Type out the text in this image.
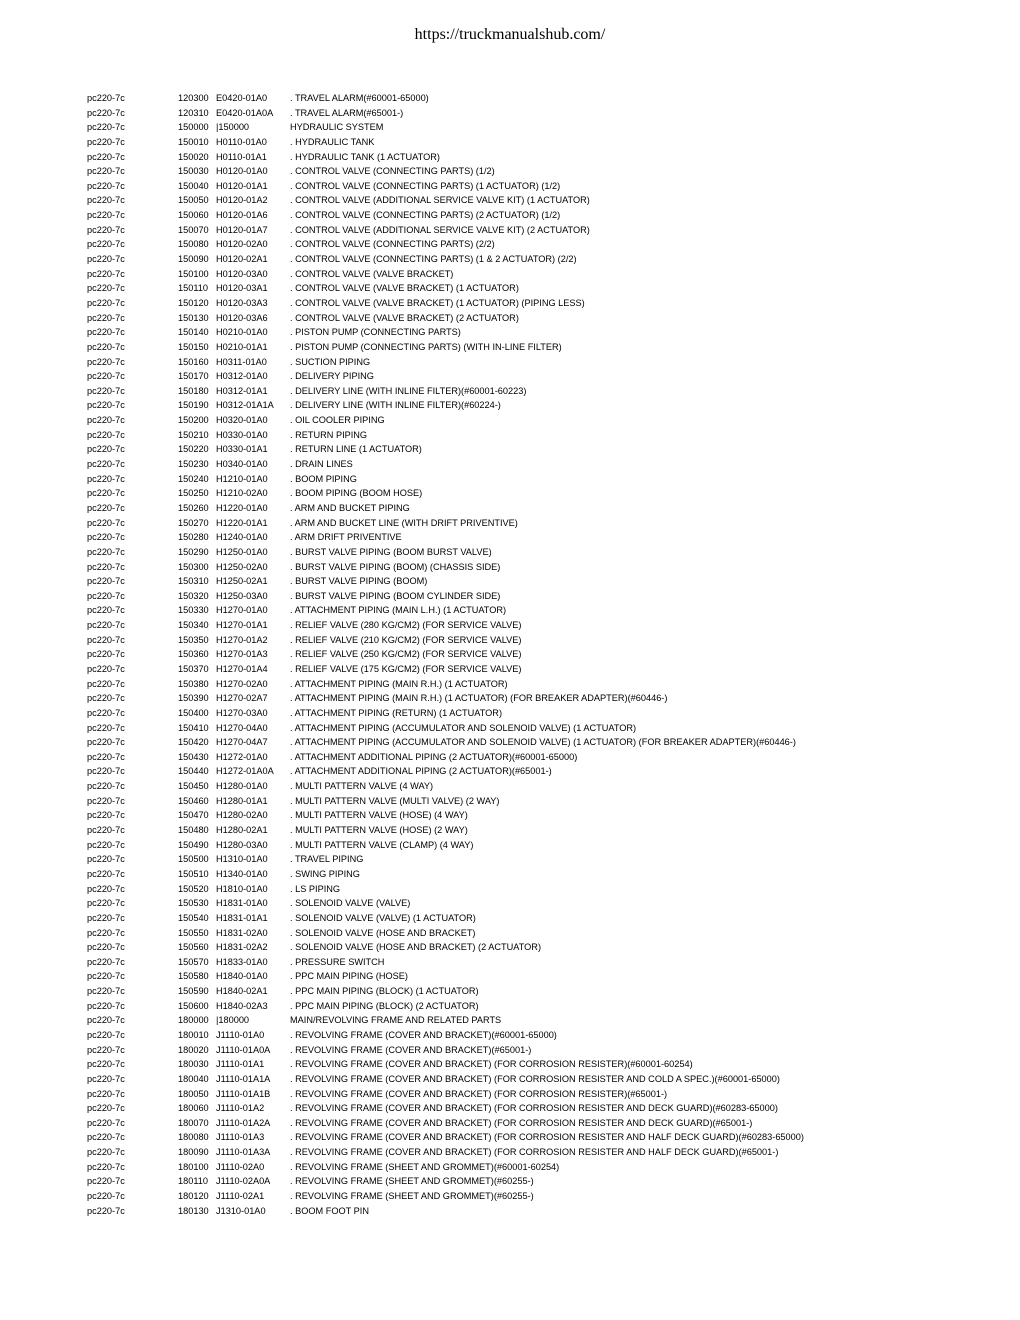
https://truckmanualshub.com/
pc220-7c	120300 E0420-01A0 . TRAVEL ALARM(#60001-65000)
pc220-7c	120310 E0420-01A0A . TRAVEL ALARM(#65001-)
pc220-7c	150000 |150000	HYDRAULIC SYSTEM
pc220-7c	150010 H0110-01A0	. HYDRAULIC TANK
pc220-7c	150020 H0110-01A1	. HYDRAULIC TANK (1 ACTUATOR)
pc220-7c	150030 H0120-01A0 . CONTROL VALVE (CONNECTING PARTS) (1/2)
pc220-7c	150040 H0120-01A1 . CONTROL VALVE (CONNECTING PARTS) (1 ACTUATOR) (1/2)
pc220-7c	150050 H0120-01A2 . CONTROL VALVE (ADDITIONAL SERVICE VALVE KIT) (1 ACTUATOR)
pc220-7c	150060 H0120-01A6 . CONTROL VALVE (CONNECTING PARTS) (2 ACTUATOR) (1/2)
pc220-7c	150070 H0120-01A7 . CONTROL VALVE (ADDITIONAL SERVICE VALVE KIT) (2 ACTUATOR)
pc220-7c	150080 H0120-02A0 . CONTROL VALVE (CONNECTING PARTS) (2/2)
pc220-7c	150090 H0120-02A1 . CONTROL VALVE (CONNECTING PARTS) (1 & 2 ACTUATOR) (2/2)
pc220-7c	150100 H0120-03A0 . CONTROL VALVE (VALVE BRACKET)
pc220-7c	150110 H0120-03A1 . CONTROL VALVE (VALVE BRACKET) (1 ACTUATOR)
pc220-7c	150120 H0120-03A3 . CONTROL VALVE (VALVE BRACKET) (1 ACTUATOR) (PIPING LESS)
pc220-7c	150130 H0120-03A6 . CONTROL VALVE (VALVE BRACKET) (2 ACTUATOR)
pc220-7c	150140 H0210-01A0 . PISTON PUMP (CONNECTING PARTS)
pc220-7c	150150 H0210-01A1 . PISTON PUMP (CONNECTING PARTS) (WITH IN-LINE FILTER)
pc220-7c	150160 H0311-01A0	. SUCTION PIPING
pc220-7c	150170 H0312-01A0 . DELIVERY PIPING
pc220-7c	150180 H0312-01A1 . DELIVERY LINE (WITH INLINE FILTER)(#60001-60223)
pc220-7c	150190 H0312-01A1A . DELIVERY LINE (WITH INLINE FILTER)(#60224-)
pc220-7c	150200 H0320-01A0 . OIL COOLER PIPING
pc220-7c	150210 H0330-01A0 . RETURN PIPING
pc220-7c	150220 H0330-01A1 . RETURN LINE (1 ACTUATOR)
pc220-7c	150230 H0340-01A0 . DRAIN LINES
pc220-7c	150240 H1210-01A0 . BOOM PIPING
pc220-7c	150250 H1210-02A0 . BOOM PIPING (BOOM HOSE)
pc220-7c	150260 H1220-01A0 . ARM AND BUCKET PIPING
pc220-7c	150270 H1220-01A1 . ARM AND BUCKET LINE (WITH DRIFT PRIVENTIVE)
pc220-7c	150280 H1240-01A0 . ARM DRIFT PRIVENTIVE
pc220-7c	150290 H1250-01A0 . BURST VALVE PIPING (BOOM BURST VALVE)
pc220-7c	150300 H1250-02A0 . BURST VALVE PIPING (BOOM) (CHASSIS SIDE)
pc220-7c	150310 H1250-02A1 . BURST VALVE PIPING (BOOM)
pc220-7c	150320 H1250-03A0 . BURST VALVE PIPING (BOOM CYLINDER SIDE)
pc220-7c	150330 H1270-01A0 . ATTACHMENT PIPING (MAIN L.H.) (1 ACTUATOR)
pc220-7c	150340 H1270-01A1 . RELIEF VALVE (280 KG/CM2) (FOR SERVICE VALVE)
pc220-7c	150350 H1270-01A2 . RELIEF VALVE (210 KG/CM2) (FOR SERVICE VALVE)
pc220-7c	150360 H1270-01A3 . RELIEF VALVE (250 KG/CM2) (FOR SERVICE VALVE)
pc220-7c	150370 H1270-01A4 . RELIEF VALVE (175 KG/CM2) (FOR SERVICE VALVE)
pc220-7c	150380 H1270-02A0 . ATTACHMENT PIPING (MAIN R.H.) (1 ACTUATOR)
pc220-7c	150390 H1270-02A7 . ATTACHMENT PIPING (MAIN R.H.) (1 ACTUATOR) (FOR BREAKER ADAPTER)(#60446-)
pc220-7c	150400 H1270-03A0 . ATTACHMENT PIPING (RETURN) (1 ACTUATOR)
pc220-7c	150410 H1270-04A0 . ATTACHMENT PIPING (ACCUMULATOR AND SOLENOID VALVE) (1 ACTUATOR)
pc220-7c	150420 H1270-04A7 . ATTACHMENT PIPING (ACCUMULATOR AND SOLENOID VALVE) (1 ACTUATOR) (FOR BREAKER ADAPTER)(#60446-)
pc220-7c	150430 H1272-01A0 . ATTACHMENT ADDITIONAL PIPING (2 ACTUATOR)(#60001-65000)
pc220-7c	150440 H1272-01A0A . ATTACHMENT ADDITIONAL PIPING (2 ACTUATOR)(#65001-)
pc220-7c	150450 H1280-01A0 . MULTI PATTERN VALVE (4 WAY)
pc220-7c	150460 H1280-01A1 . MULTI PATTERN VALVE (MULTI VALVE) (2 WAY)
pc220-7c	150470 H1280-02A0 . MULTI PATTERN VALVE (HOSE) (4 WAY)
pc220-7c	150480 H1280-02A1 . MULTI PATTERN VALVE (HOSE) (2 WAY)
pc220-7c	150490 H1280-03A0 . MULTI PATTERN VALVE (CLAMP) (4 WAY)
pc220-7c	150500 H1310-01A0 . TRAVEL PIPING
pc220-7c	150510 H1340-01A0 . SWING PIPING
pc220-7c	150520 H1810-01A0 . LS PIPING
pc220-7c	150530 H1831-01A0 . SOLENOID VALVE (VALVE)
pc220-7c	150540 H1831-01A1 . SOLENOID VALVE (VALVE) (1 ACTUATOR)
pc220-7c	150550 H1831-02A0 . SOLENOID VALVE (HOSE AND BRACKET)
pc220-7c	150560 H1831-02A2 . SOLENOID VALVE (HOSE AND BRACKET) (2 ACTUATOR)
pc220-7c	150570 H1833-01A0 . PRESSURE SWITCH
pc220-7c	150580 H1840-01A0 . PPC MAIN PIPING (HOSE)
pc220-7c	150590 H1840-02A1 . PPC MAIN PIPING (BLOCK) (1 ACTUATOR)
pc220-7c	150600 H1840-02A3 . PPC MAIN PIPING (BLOCK) (2 ACTUATOR)
pc220-7c	180000 |180000	MAIN/REVOLVING FRAME AND RELATED PARTS
pc220-7c	180010 J1110-01A0	. REVOLVING FRAME (COVER AND BRACKET)(#60001-65000)
pc220-7c	180020 J1110-01A0A . REVOLVING FRAME (COVER AND BRACKET)(#65001-)
pc220-7c	180030 J1110-01A1	. REVOLVING FRAME (COVER AND BRACKET) (FOR CORROSION RESISTER)(#60001-60254)
pc220-7c	180040 J1110-01A1A . REVOLVING FRAME (COVER AND BRACKET) (FOR CORROSION RESISTER AND COLD A SPEC.)(#60001-65000)
pc220-7c	180050 J1110-01A1B . REVOLVING FRAME (COVER AND BRACKET) (FOR CORROSION RESISTER)(#65001-)
pc220-7c	180060 J1110-01A2	. REVOLVING FRAME (COVER AND BRACKET) (FOR CORROSION RESISTER AND DECK GUARD)(#60283-65000)
pc220-7c	180070 J1110-01A2A . REVOLVING FRAME (COVER AND BRACKET) (FOR CORROSION RESISTER AND DECK GUARD)(#65001-)
pc220-7c	180080 J1110-01A3	. REVOLVING FRAME (COVER AND BRACKET) (FOR CORROSION RESISTER AND HALF DECK GUARD)(#60283-65000)
pc220-7c	180090 J1110-01A3A . REVOLVING FRAME (COVER AND BRACKET) (FOR CORROSION RESISTER AND HALF DECK GUARD)(#65001-)
pc220-7c	180100 J1110-02A0	. REVOLVING FRAME (SHEET AND GROMMET)(#60001-60254)
pc220-7c	180110 J1110-02A0A . REVOLVING FRAME (SHEET AND GROMMET)(#60255-)
pc220-7c	180120 J1110-02A1	. REVOLVING FRAME (SHEET AND GROMMET)(#60255-)
pc220-7c	180130 J1310-01A0	. BOOM FOOT PIN
